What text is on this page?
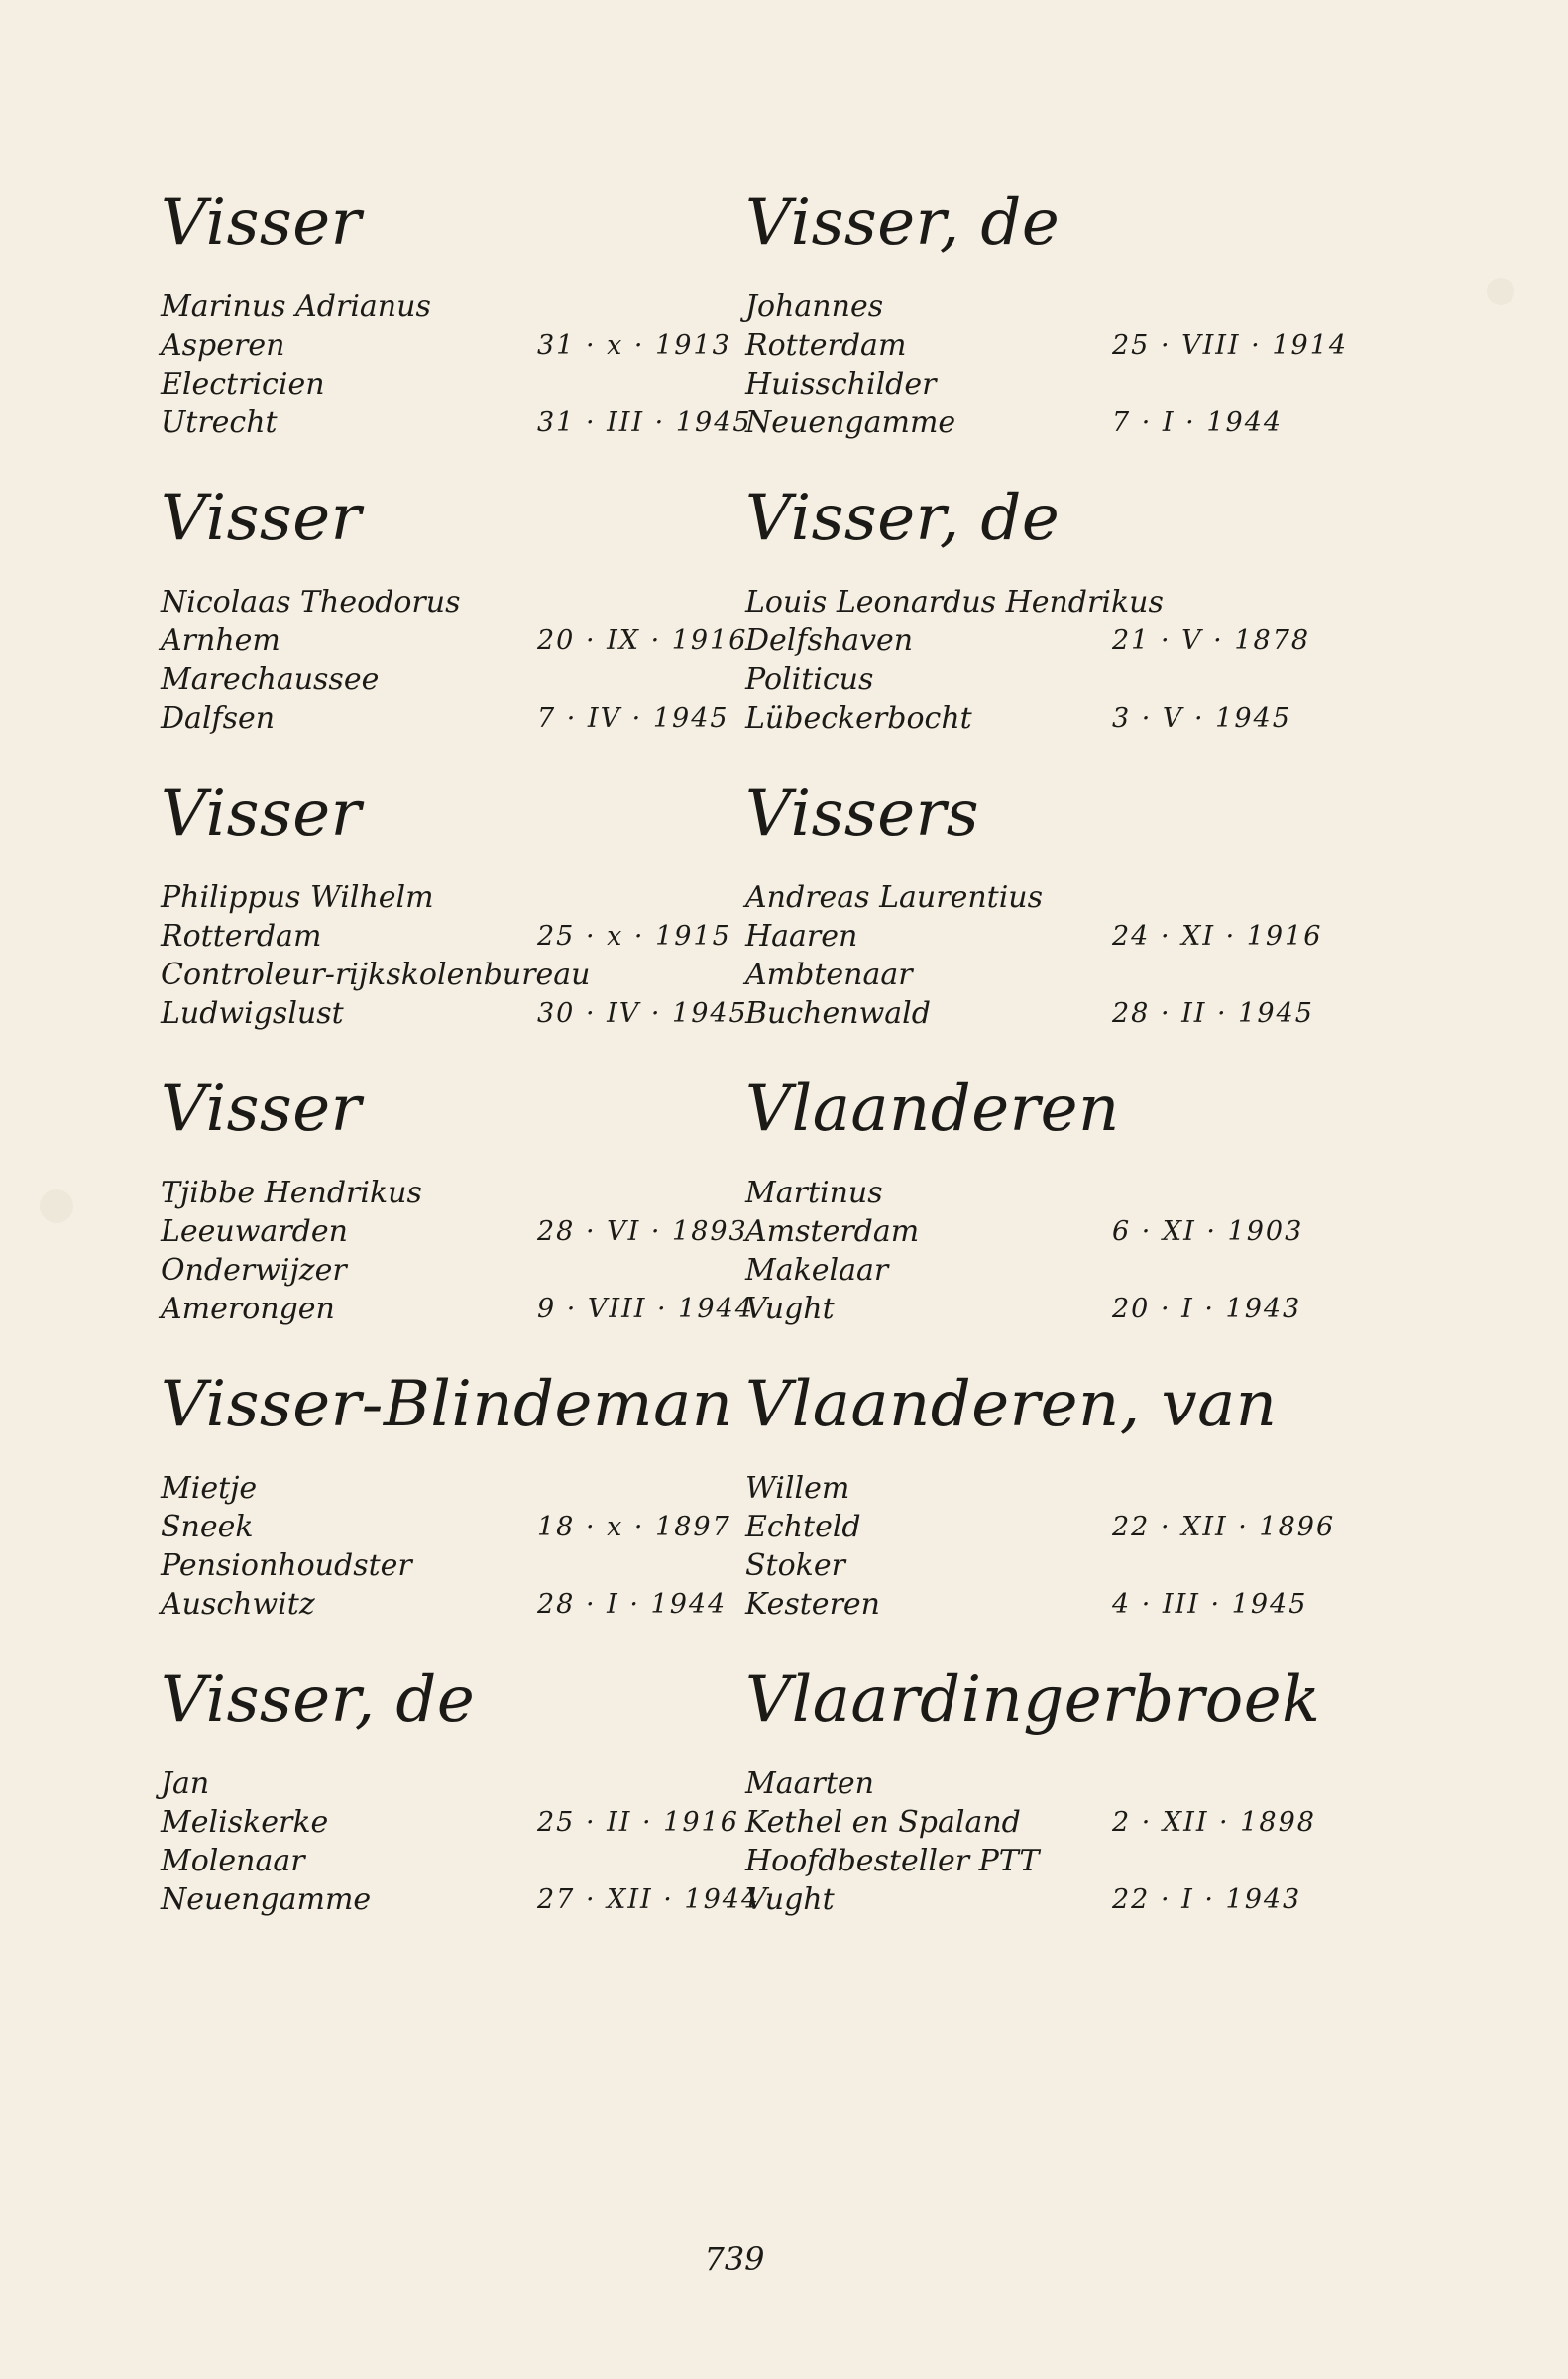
Visser
Marinus Adrianus
Asperen	31 · x · 1913
Electricien
Utrecht	31 · III · 1945
Visser
Nicolaas Theodorus
Arnhem	20 · IX · 1916
Marechaussee
Dalfsen	7 · IV · 1945
Visser
Philippus Wilhelm
Rotterdam	25 · x · 1915
Controleur-rijkskolenbureau
Ludwigslust	30 · IV · 1945
Visser
Tjibbe Hendrikus
Leeuwarden	28 · VI · 1893
Onderwijzer
Amerongen	9 · VIII · 1944
Visser-Blindeman
Mietje
Sneek	18 · x · 1897
Pensionhoudster
Auschwitz	28 · I · 1944
Visser, de
Jan
Meliskerke	25 · II · 1916
Molenaar
Neuengamme	27 · XII · 1944
Visser, de
Johannes
Rotterdam	25 · VIII · 1914
Huisschilder
Neuengamme	7 · I · 1944
Visser, de
Louis Leonardus Hendrikus
Delfshaven	21 · V · 1878
Politicus
Lübeckerbocht	3 · V · 1945
Vissers
Andreas Laurentius
Haaren	24 · XI · 1916
Ambtenaar
Buchenwald	28 · II · 1945
Vlaanderen
Martinus
Amsterdam	6 · XI · 1903
Makelaar
Vught	20 · I · 1943
Vlaanderen, van
Willem
Echteld	22 · XII · 1896
Stoker
Kesteren	4 · III · 1945
Vlaardingerbroek
Maarten
Kethel en Spaland	2 · XII · 1898
Hoofdbesteller PTT
Vught	22 · I · 1943
739
